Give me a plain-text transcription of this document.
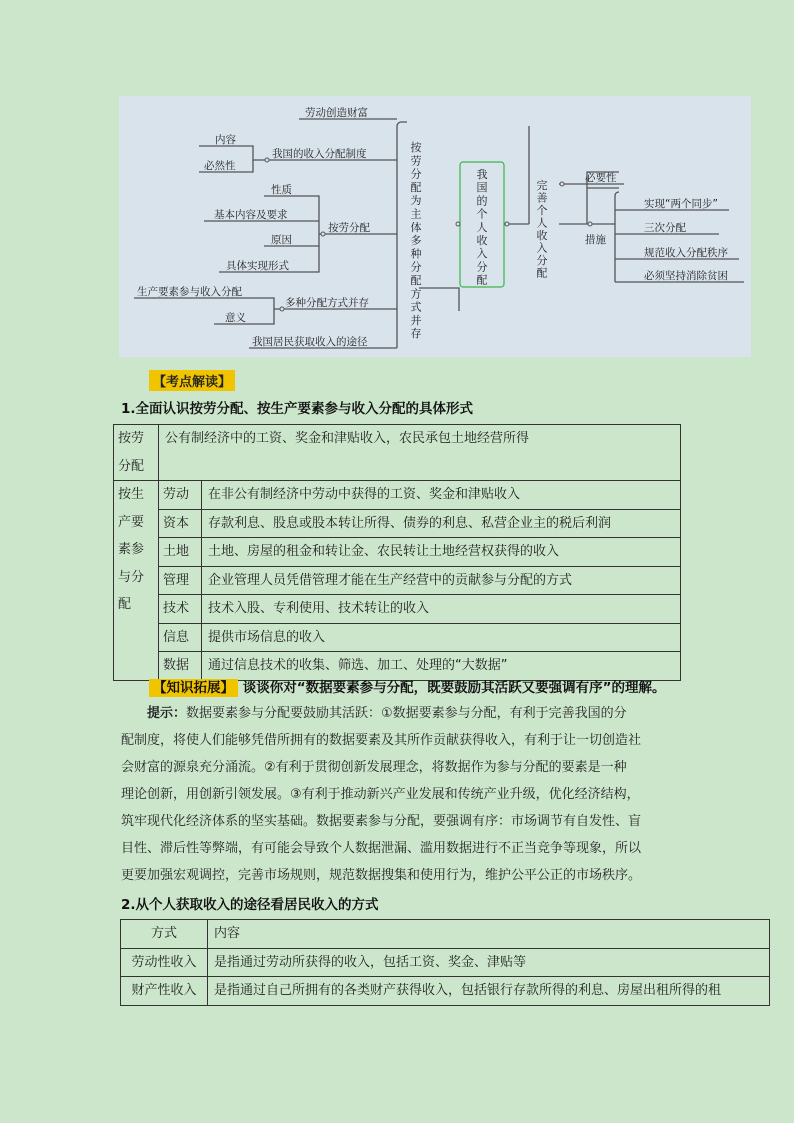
劳动创造财富
我国的收入分配制度
内容
必然性
按劳分配
性质
基本内容及要求
原因
具体实现形式
生产要素参与收入分配
意义
多种分配方式并存
我国居民获取收入的途径
按
劳
分
配
为
主
体
多
种
分
配
方
式
并
存
我
国
的
个
人
收
入
分
配
完
善
个
人
收
入
分
配
必要性
措施
实现“两个同步”
三次分配
规范收入分配秩序
必须坚持消除贫困
【考点解读】
1.全面认识按劳分配、按生产要素参与收入分配的具体形式
按劳分配	公有制经济中的工资、奖金和津贴收入，农民承包土地经营所得	
按生产要素参与分配	劳动	在非公有制经济中劳动中获得的工资、奖金和津贴收入
	资本	存款利息、股息或股本转让所得、债券的利息、私营企业主的税后利润
	土地	土地、房屋的租金和转让金、农民转让土地经营权获得的收入
	管理	企业管理人员凭借管理才能在生产经营中的贡献参与分配的方式
	技术	技术入股、专利使用、技术转让的收入
	信息	提供市场信息的收入
	数据	通过信息技术的收集、筛选、加工、处理的“大数据”
【知识拓展】 谈谈你对“数据要素参与分配，既要鼓励其活跃又要强调有序”的理解。
提示：数据要素参与分配要鼓励其活跃：①数据要素参与分配，有利于完善我国的分
配制度，将使人们能够凭借所拥有的数据要素及其所作贡献获得收入，有利于让一切创造社
会财富的源泉充分涌流。②有利于贯彻创新发展理念，将数据作为参与分配的要素是一种
理论创新，用创新引领发展。③有利于推动新兴产业发展和传统产业升级，优化经济结构，
筑牢现代化经济体系的坚实基础。数据要素参与分配，要强调有序：市场调节有自发性、盲
目性、滞后性等弊端，有可能会导致个人数据泄漏、滥用数据进行不正当竞争等现象，所以
更要加强宏观调控，完善市场规则，规范数据搜集和使用行为，维护公平公正的市场秩序。
2.从个人获取收入的途径看居民收入的方式
方式	内容
劳动性收入	是指通过劳动所获得的收入，包括工资、奖金、津贴等
财产性收入	是指通过自己所拥有的各类财产获得收入，包括银行存款所得的利息、房屋出租所得的租
